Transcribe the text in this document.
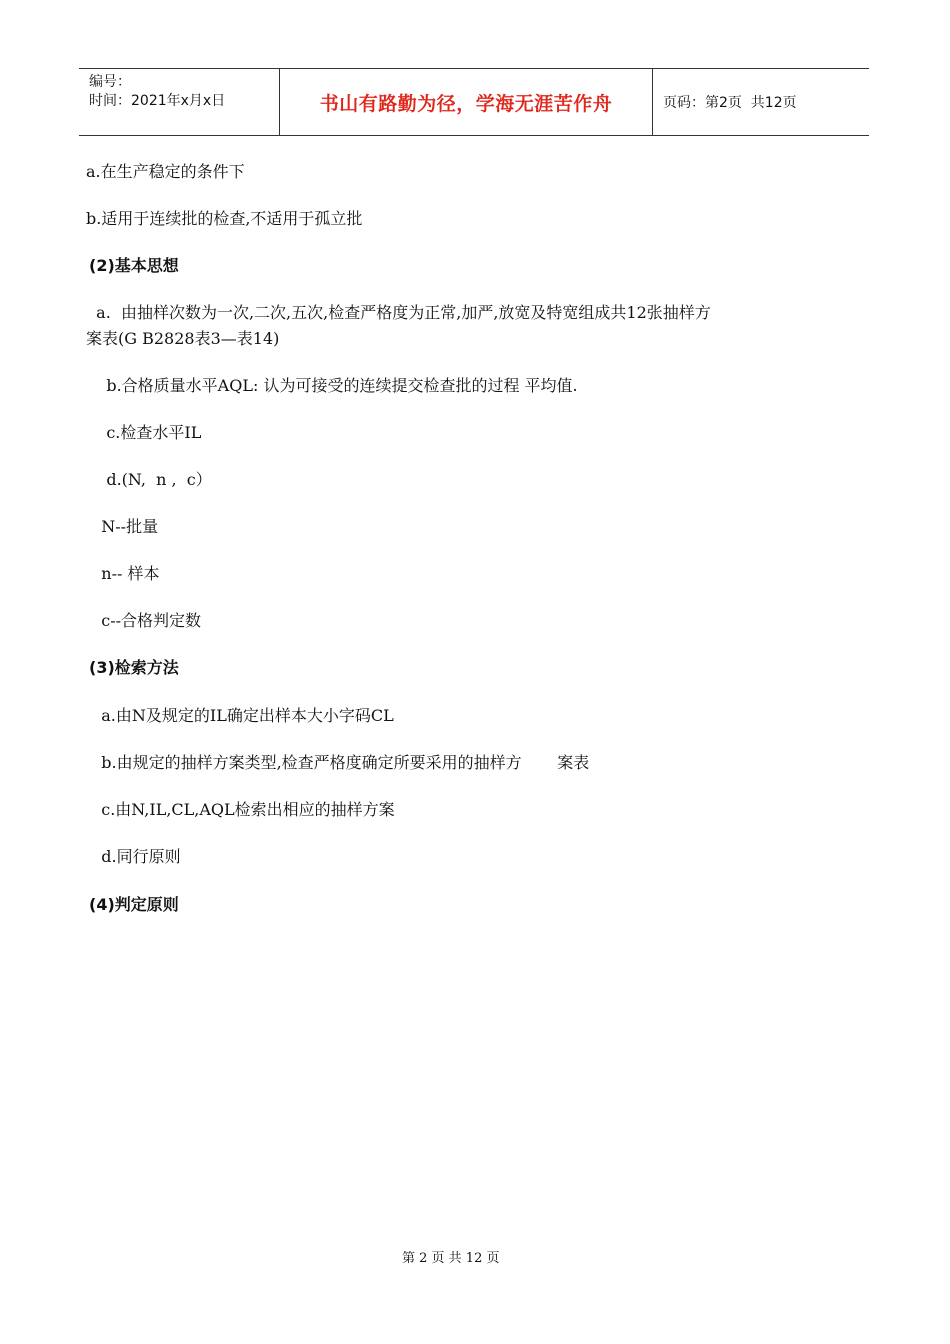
编号：
时间：2021年x月x日	书山有路勤为径，学海无涯苦作舟	页码：第2页  共12页
a.在生产稳定的条件下
b.适用于连续批的检查,不适用于孤立批
(2)基本思想
a.  由抽样次数为一次,二次,五次,检查严格度为正常,加严,放宽及特宽组成共12张抽样方
案表(G B2828表3—表14)
b.合格质量水平AQL: 认为可接受的连续提交检查批的过程 平均值.
c.检查水平IL
d.(N,  n ,  c）
N--批量
n-- 样本
c--合格判定数
(3)检索方法
a.由N及规定的IL确定出样本大小字码CL
b.由规定的抽样方案类型,检查严格度确定所要采用的抽样方       案表
c.由N,IL,CL,AQL检索出相应的抽样方案
d.同行原则
(4)判定原则
第 2 页 共 12 页
